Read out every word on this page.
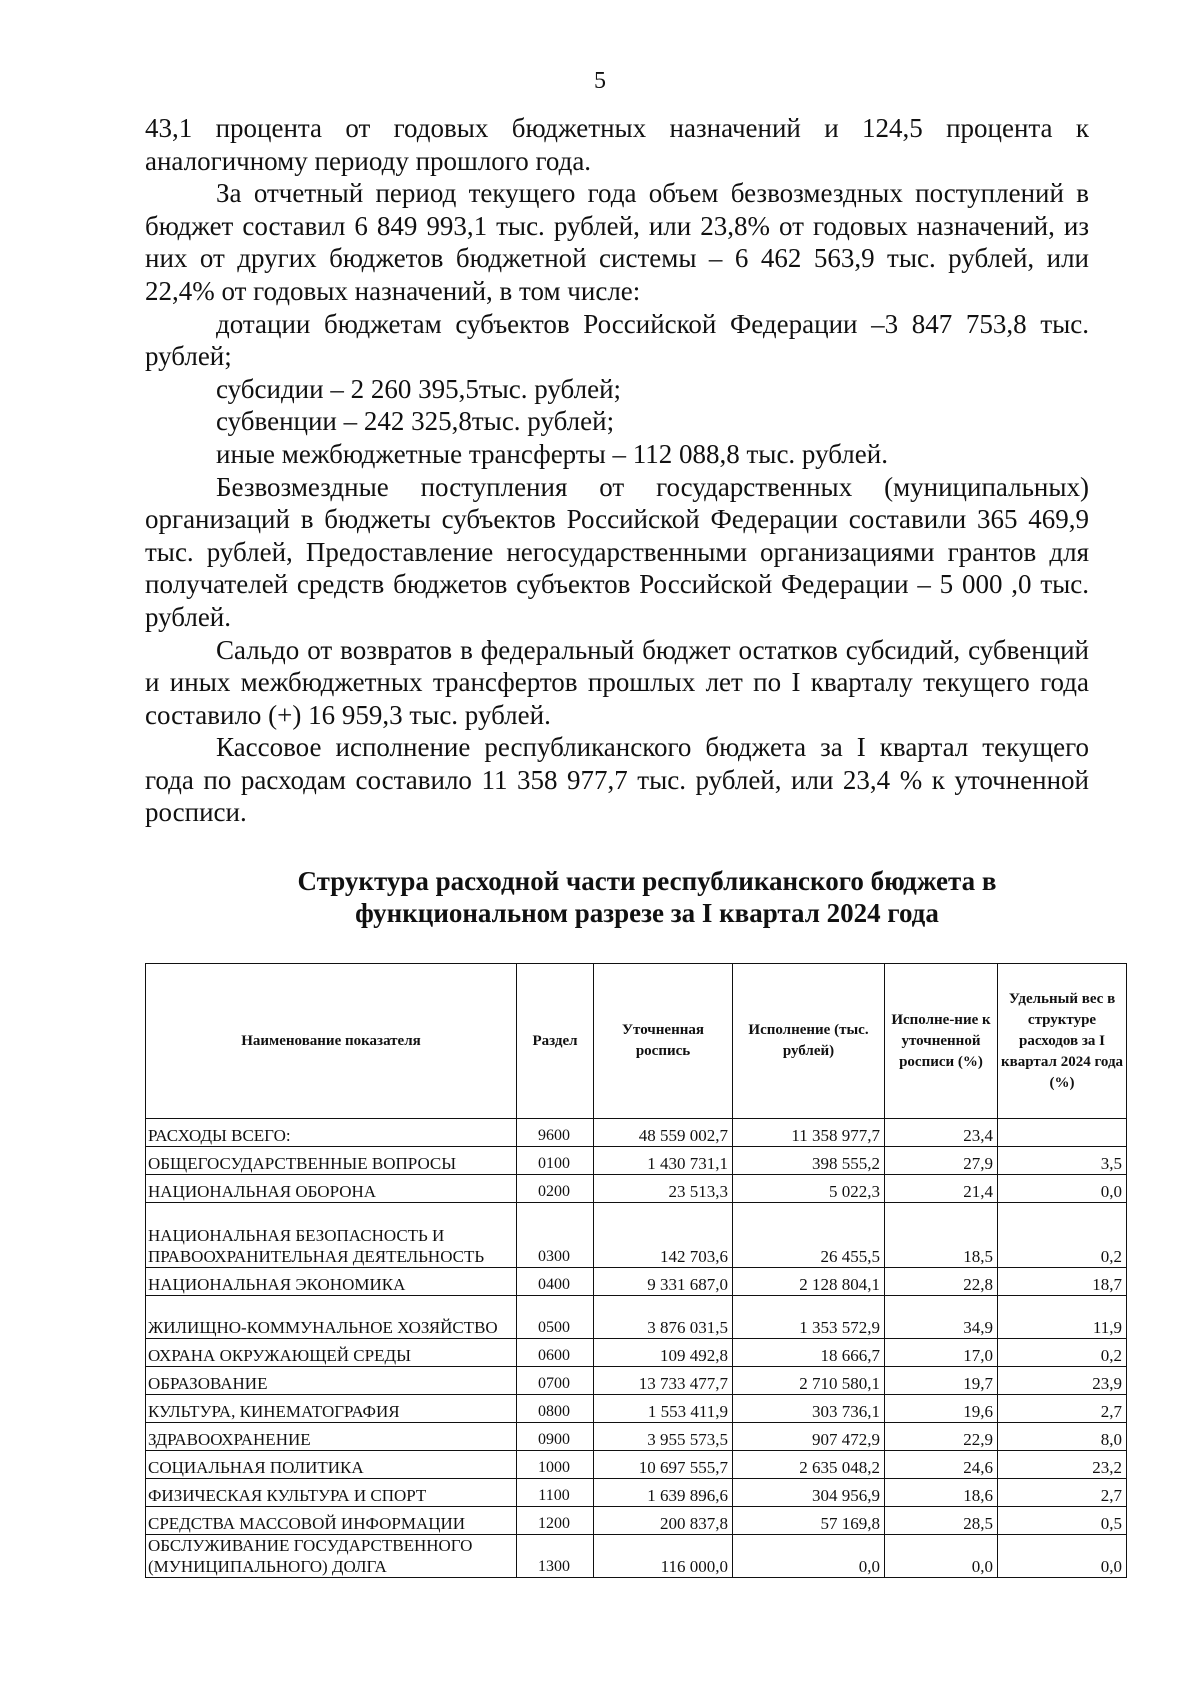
5

43,1 процента от годовых бюджетных назначений и 124,5 процента к аналогичному периоду прошлого года.

За отчетный период текущего года объем безвозмездных поступлений в бюджет составил 6 849 993,1 тыс. рублей, или 23,8% от годовых назначений, из них от других бюджетов бюджетной системы – 6 462 563,9 тыс. рублей, или 22,4% от годовых назначений, в том числе:

дотации бюджетам субъектов Российской Федерации –3 847 753,8 тыс. рублей;

субсидии – 2 260 395,5тыс. рублей;

субвенции – 242 325,8тыс. рублей;

иные межбюджетные трансферты – 112 088,8 тыс. рублей.

Безвозмездные поступления от государственных (муниципальных) организаций в бюджеты субъектов Российской Федерации составили 365 469,9 тыс. рублей, Предоставление негосударственными организациями грантов для получателей средств бюджетов субъектов Российской Федерации – 5 000 ,0 тыс. рублей.

Сальдо от возвратов в федеральный бюджет остатков субсидий, субвенций и иных межбюджетных трансфертов прошлых лет по I кварталу текущего года составило (+) 16 959,3 тыс. рублей.

Кассовое исполнение республиканского бюджета за I квартал текущего года по расходам составило 11 358 977,7 тыс. рублей, или 23,4 % к уточненной росписи.

Структура расходной части республиканского бюджета в
функциональном разрезе за I квартал 2024 года
Наименование показателя	Раздел	Уточненная роспись	Исполнение (тыс. рублей)	Исполне-ние к уточненной росписи (%)	Удельный вес в структуре расходов за I квартал 2024 года (%)
РАСХОДЫ ВСЕГО:	9600	48 559 002,7	11 358 977,7	23,4	
ОБЩЕГОСУДАРСТВЕННЫЕ ВОПРОСЫ	0100	1 430 731,1	398 555,2	27,9	3,5
НАЦИОНАЛЬНАЯ ОБОРОНА	0200	23 513,3	5 022,3	21,4	0,0
НАЦИОНАЛЬНАЯ БЕЗОПАСНОСТЬ И ПРАВООХРАНИТЕЛЬНАЯ ДЕЯТЕЛЬНОСТЬ	0300	142 703,6	26 455,5	18,5	0,2
НАЦИОНАЛЬНАЯ ЭКОНОМИКА	0400	9 331 687,0	2 128 804,1	22,8	18,7
ЖИЛИЩНО-КОММУНАЛЬНОЕ ХОЗЯЙСТВО	0500	3 876 031,5	1 353 572,9	34,9	11,9
ОХРАНА ОКРУЖАЮЩЕЙ СРЕДЫ	0600	109 492,8	18 666,7	17,0	0,2
ОБРАЗОВАНИЕ	0700	13 733 477,7	2 710 580,1	19,7	23,9
КУЛЬТУРА, КИНЕМАТОГРАФИЯ	0800	1 553 411,9	303 736,1	19,6	2,7
ЗДРАВООХРАНЕНИЕ	0900	3 955 573,5	907 472,9	22,9	8,0
СОЦИАЛЬНАЯ ПОЛИТИКА	1000	10 697 555,7	2 635 048,2	24,6	23,2
ФИЗИЧЕСКАЯ КУЛЬТУРА И СПОРТ	1100	1 639 896,6	304 956,9	18,6	2,7
СРЕДСТВА МАССОВОЙ ИНФОРМАЦИИ	1200	200 837,8	57 169,8	28,5	0,5
ОБСЛУЖИВАНИЕ ГОСУДАРСТВЕННОГО (МУНИЦИПАЛЬНОГО) ДОЛГА	1300	116 000,0	0,0	0,0	0,0
